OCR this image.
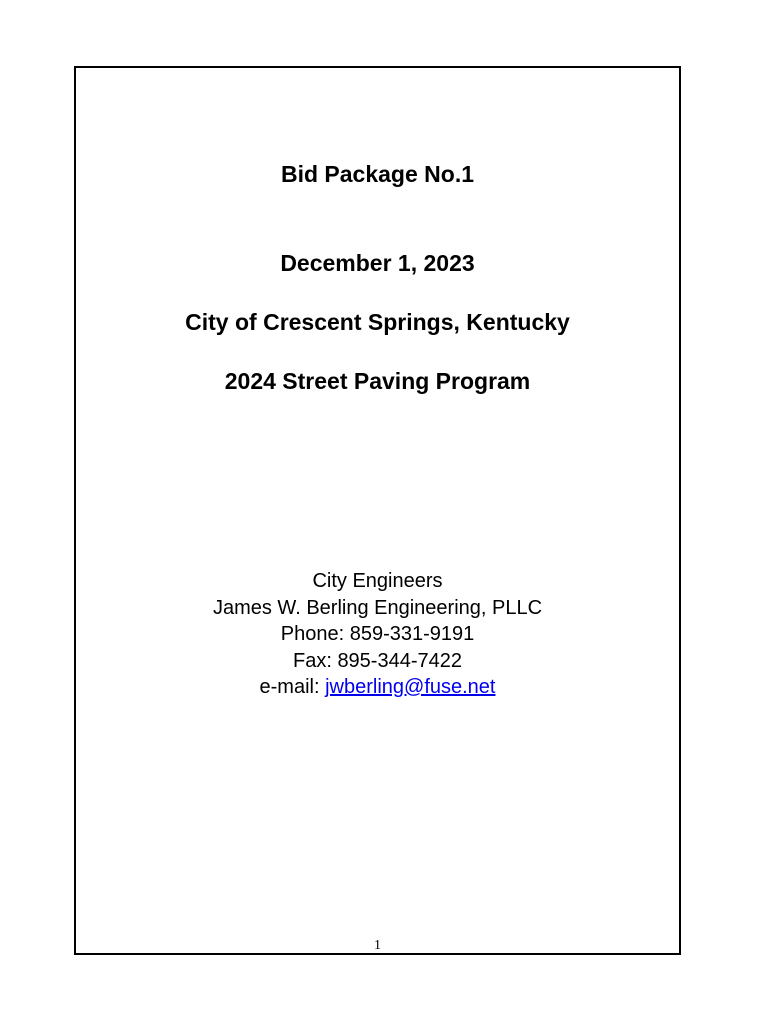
Bid Package No.1
December 1, 2023
City of Crescent Springs, Kentucky
2024 Street Paving Program
City Engineers
James W. Berling Engineering, PLLC
Phone: 859-331-9191
Fax: 895-344-7422
e-mail: jwberling@fuse.net
1
